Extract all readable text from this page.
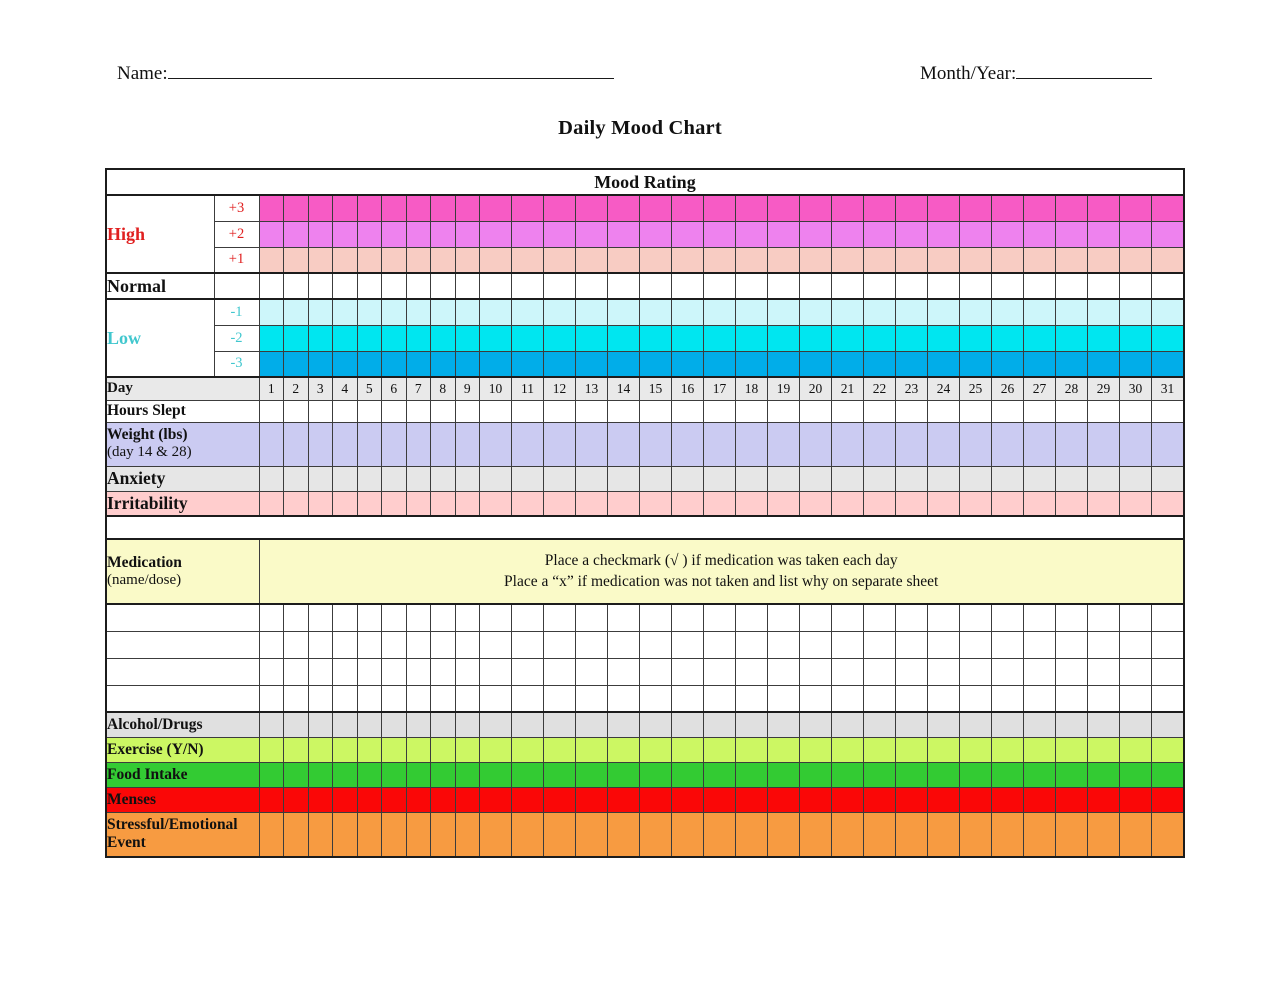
Name:	Month/Year:
Daily Mood Chart
Mood Rating																																
High	+3																															
	+2																															
	+1																															
Normal																																
Low	-1																															
	-2																															
	-3																															
Day		1	2	3	4	5	6	7	8	9	10	11	12	13	14	15	16	17	18	19	20	21	22	23	24	25	26	27	28	29	30	31
Hours Slept																																

Weight (lbs)
(day 14 & 28)																																

Anxiety																																
Irritability																																

Medication
(name/dose)

Place a checkmark (√ ) if medication was taken each day
Place a “x” if medication was not taken and list why on separate sheet

Alcohol/Drugs																																
Exercise (Y/N)																																
Food Intake																																
Menses																																

Stressful/Emotional
Event																																
